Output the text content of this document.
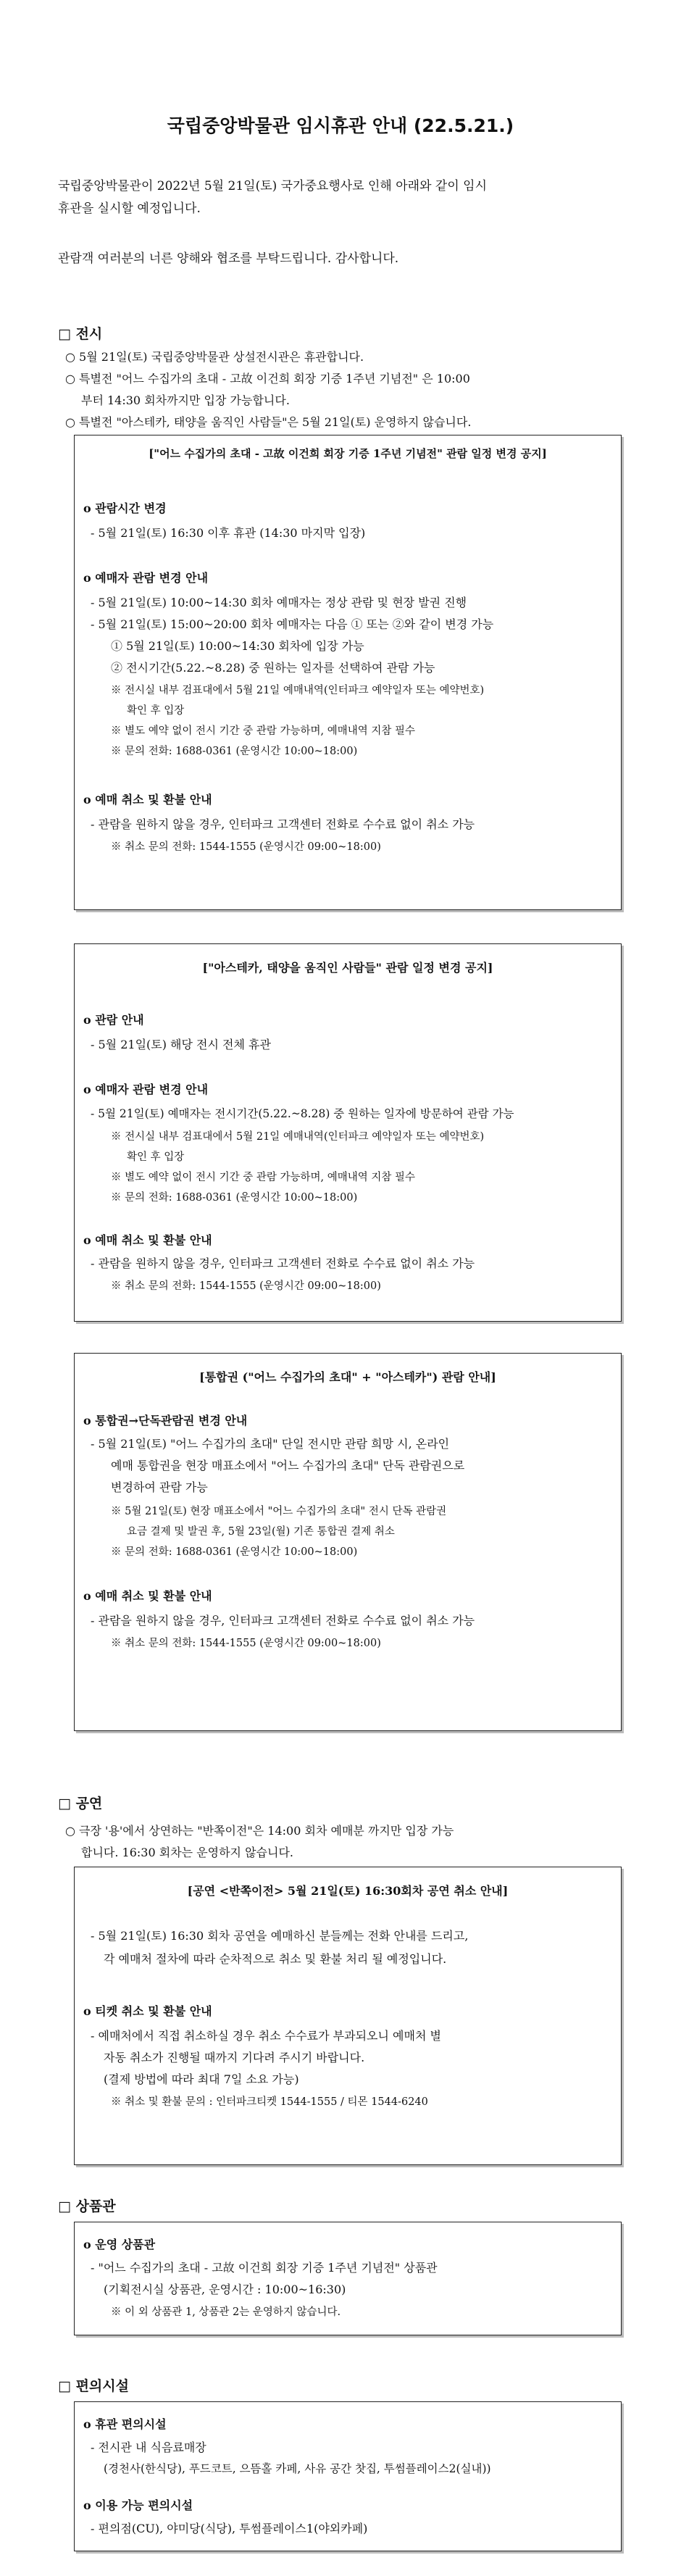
국립중앙박물관 임시휴관 안내 (22.5.21.)
국립중앙박물관이 2022년 5월 21일(토) 국가중요행사로 인해 아래와 같이 임시
휴관을 실시할 예정입니다.
관람객 여러분의 너른 양해와 협조를 부탁드립니다. 감사합니다.
□ 전시
○ 5월 21일(토) 국립중앙박물관 상설전시관은 휴관합니다.
○ 특별전 "어느 수집가의 초대 - 고故 이건희 회장 기증 1주년 기념전" 은 10:00
부터 14:30 회차까지만 입장 가능합니다.
○ 특별전 "아스테카, 태양을 움직인 사람들"은 5월 21일(토) 운영하지 않습니다.
["어느 수집가의 초대 - 고故 이건희 회장 기증 1주년 기념전" 관람 일정 변경 공지]
o 관람시간 변경
- 5월 21일(토) 16:30 이후 휴관 (14:30 마지막 입장)
o 예매자 관람 변경 안내
- 5월 21일(토) 10:00~14:30 회차 예매자는 정상 관람 및 현장 발권 진행
- 5월 21일(토) 15:00~20:00 회차 예매자는 다음 ① 또는 ②와 같이 변경 가능
① 5월 21일(토) 10:00~14:30 회차에 입장 가능
② 전시기간(5.22.~8.28) 중 원하는 일자를 선택하여 관람 가능
※ 전시실 내부 검표대에서 5월 21일 예매내역(인터파크 예약일자 또는 예약번호)
확인 후 입장
※ 별도 예약 없이 전시 기간 중 관람 가능하며, 예매내역 지참 필수
※ 문의 전화: 1688-0361 (운영시간 10:00~18:00)
o 예매 취소 및 환불 안내
- 관람을 원하지 않을 경우, 인터파크 고객센터 전화로 수수료 없이 취소 가능
※ 취소 문의 전화: 1544-1555 (운영시간 09:00~18:00)
["아스테카, 태양을 움직인 사람들" 관람 일정 변경 공지]
o 관람 안내
- 5월 21일(토) 해당 전시 전체 휴관
o 예매자 관람 변경 안내
- 5월 21일(토) 예매자는 전시기간(5.22.~8.28) 중 원하는 일자에 방문하여 관람 가능
※ 전시실 내부 검표대에서 5월 21일 예매내역(인터파크 예약일자 또는 예약번호)
확인 후 입장
※ 별도 예약 없이 전시 기간 중 관람 가능하며, 예매내역 지참 필수
※ 문의 전화: 1688-0361 (운영시간 10:00~18:00)
o 예매 취소 및 환불 안내
- 관람을 원하지 않을 경우, 인터파크 고객센터 전화로 수수료 없이 취소 가능
※ 취소 문의 전화: 1544-1555 (운영시간 09:00~18:00)
[통합권 ("어느 수집가의 초대" + "아스테카") 관람 안내]
o 통합권→단독관람권 변경 안내
- 5월 21일(토) "어느 수집가의 초대" 단일 전시만 관람 희망 시, 온라인
예매 통합권을 현장 매표소에서 "어느 수집가의 초대" 단독 관람권으로
변경하여 관람 가능
※ 5월 21일(토) 현장 매표소에서 "어느 수집가의 초대" 전시 단독 관람권
요금 결제 및 발권 후, 5월 23일(월) 기존 통합권 결제 취소
※ 문의 전화: 1688-0361 (운영시간 10:00~18:00)
o 예매 취소 및 환불 안내
- 관람을 원하지 않을 경우, 인터파크 고객센터 전화로 수수료 없이 취소 가능
※ 취소 문의 전화: 1544-1555 (운영시간 09:00~18:00)
□ 공연
○ 극장 '용'에서 상연하는 "반쪽이전"은 14:00 회차 예매분 까지만 입장 가능
합니다. 16:30 회차는 운영하지 않습니다.
[공연 <반쪽이전> 5월 21일(토) 16:30회차 공연 취소 안내]
- 5월 21일(토) 16:30 회차 공연을 예매하신 분들께는 전화 안내를 드리고,
각 예매처 절차에 따라 순차적으로 취소 및 환불 처리 될 예정입니다.
o 티켓 취소 및 환불 안내
- 예매처에서 직접 취소하실 경우 취소 수수료가 부과되오니 예매처 별
자동 취소가 진행될 때까지 기다려 주시기 바랍니다.
(결제 방법에 따라 최대 7일 소요 가능)
※ 취소 및 환불 문의 : 인터파크티켓 1544-1555 / 티몬 1544-6240
□ 상품관
o 운영 상품관
- "어느 수집가의 초대 - 고故 이건희 회장 기증 1주년 기념전" 상품관
(기획전시실 상품관, 운영시간 : 10:00~16:30)
※ 이 외 상품관 1, 상품관 2는 운영하지 않습니다.
□ 편의시설
o 휴관 편의시설
- 전시관 내 식음료매장
(경천사(한식당), 푸드코트, 으뜸홀 카페, 사유 공간 찻집, 투썸플레이스2(실내))
o 이용 가능 편의시설
- 편의점(CU), 야미당(식당), 투썸플레이스1(야외카페)
